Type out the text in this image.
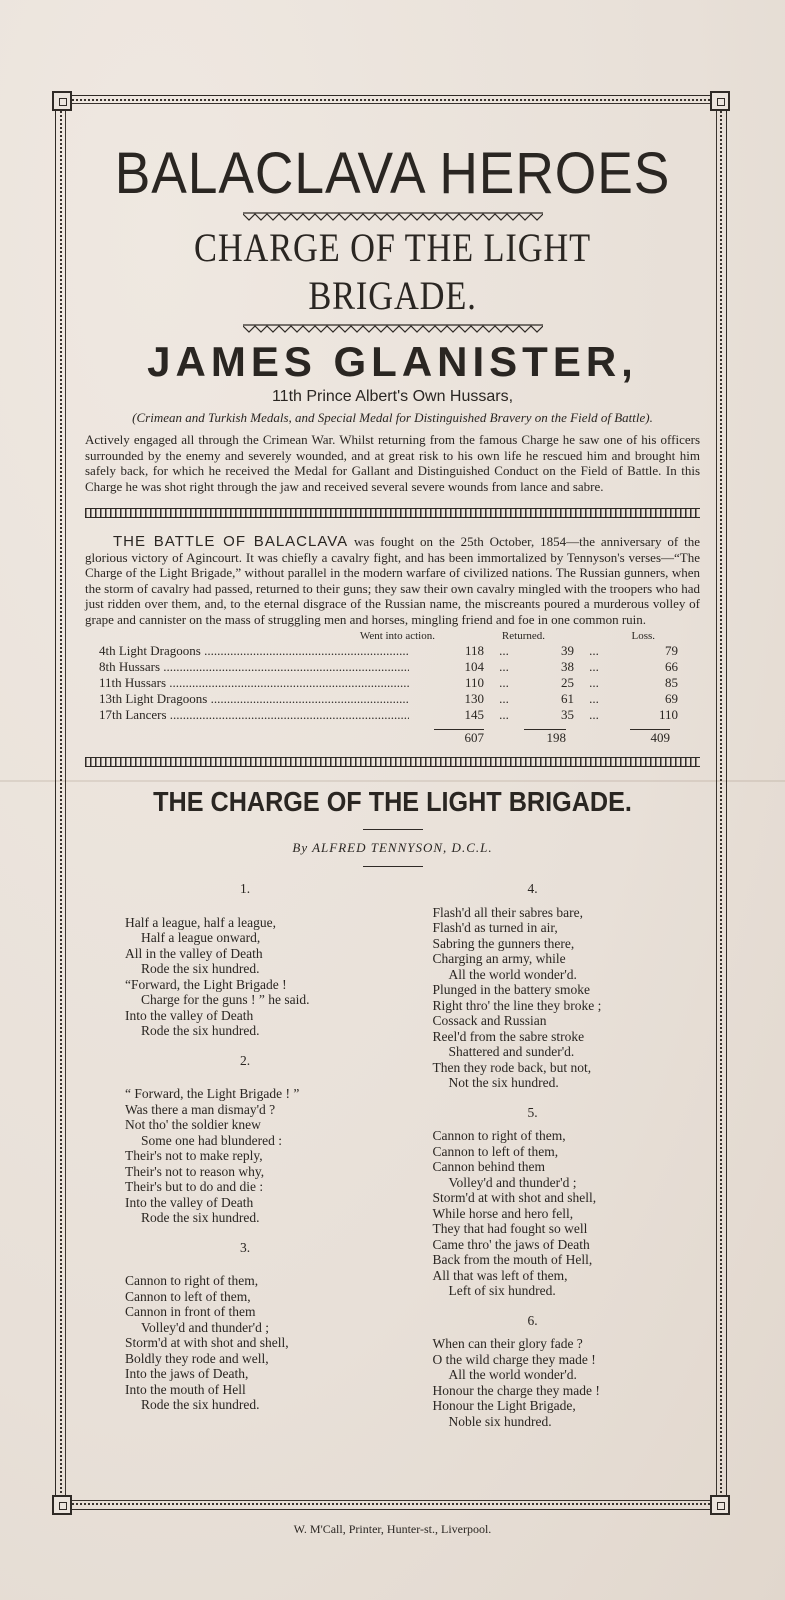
BALACLAVA HEROES
CHARGE OF THE LIGHT BRIGADE.
JAMES GLANISTER,
11th Prince Albert's Own Hussars,
(Crimean and Turkish Medals, and Special Medal for Distinguished Bravery on the Field of Battle).
Actively engaged all through the Crimean War. Whilst returning from the famous Charge he saw one of his officers surrounded by the enemy and severely wounded, and at great risk to his own life he rescued him and brought him safely back, for which he received the Medal for Gallant and Distinguished Conduct on the Field of Battle. In this Charge he was shot right through the jaw and received several severe wounds from lance and sabre.
THE BATTLE OF BALACLAVA was fought on the 25th October, 1854—the anniversary of the glorious victory of Agincourt. It was chiefly a cavalry fight, and has been immortalized by Tennyson's verses—“The Charge of the Light Brigade,” without parallel in the modern warfare of civilized nations. The Russian gunners, when the storm of cavalry had passed, returned to their guns; they saw their own cavalry mingled with the troopers who had just ridden over them, and, to the eternal disgrace of the Russian name, the miscreants poured a murderous volley of grape and cannister on the mass of struggling men and horses, mingling friend and foe in one common ruin.
Went into action.	Returned.	Loss.
4th Light Dragoons .....	118	...	39	...	79
8th Hussars .....	104	...	38	...	66
11th Hussars .....	110	...	25	...	85
13th Light Dragoons .....	130	...	61	...	69
17th Lancers .....	145	...	35	...	110
607	198	409
THE CHARGE OF THE LIGHT BRIGADE.
By ALFRED TENNYSON, D.C.L.
1.
Half a league, half a league,
Half a league onward,
All in the valley of Death
Rode the six hundred.
“Forward, the Light Brigade !
Charge for the guns ! ” he said.
Into the valley of Death
Rode the six hundred.
2.
“ Forward, the Light Brigade ! ”
Was there a man dismay'd ?
Not tho' the soldier knew
Some one had blundered :
Their's not to make reply,
Their's not to reason why,
Their's but to do and die :
Into the valley of Death
Rode the six hundred.
3.
Cannon to right of them,
Cannon to left of them,
Cannon in front of them
Volley'd and thunder'd ;
Storm'd at with shot and shell,
Boldly they rode and well,
Into the jaws of Death,
Into the mouth of Hell
Rode the six hundred.
4.
Flash'd all their sabres bare,
Flash'd as turned in air,
Sabring the gunners there,
Charging an army, while
All the world wonder'd.
Plunged in the battery smoke
Right thro' the line they broke ;
Cossack and Russian
Reel'd from the sabre stroke
Shattered and sunder'd.
Then they rode back, but not,
Not the six hundred.
5.
Cannon to right of them,
Cannon to left of them,
Cannon behind them
Volley'd and thunder'd ;
Storm'd at with shot and shell,
While horse and hero fell,
They that had fought so well
Came thro' the jaws of Death
Back from the mouth of Hell,
All that was left of them,
Left of six hundred.
6.
When can their glory fade ?
O the wild charge they made !
All the world wonder'd.
Honour the charge they made !
Honour the Light Brigade,
Noble six hundred.
W. M'Call, Printer, Hunter-st., Liverpool.
